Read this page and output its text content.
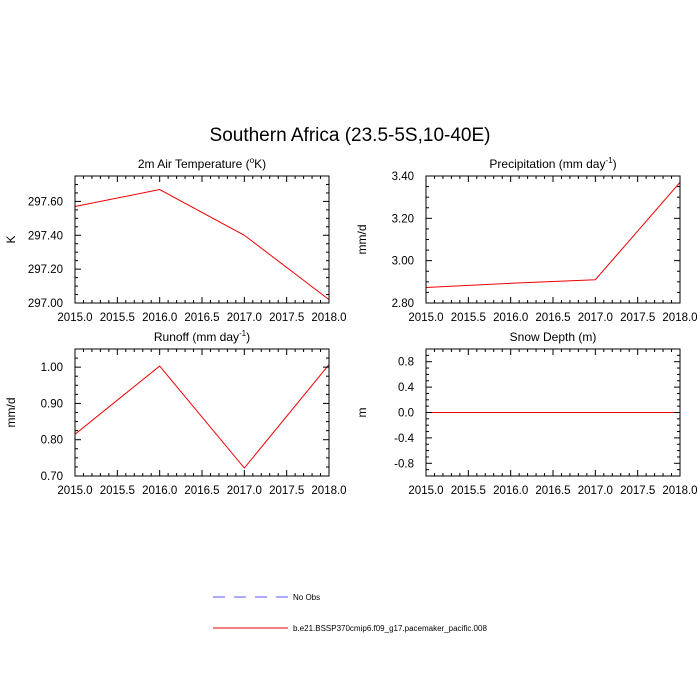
Southern Africa (23.5-5S,10-40E)
2m Air Temperature ($^o$K)
K
2015.0 2015.5 2016.0 2016.5 2017.0 2017.5 2018.0
297.00
297.20
297.40
297.60
Precipitation (mm day$^{-1}$)
mm/d
2015.0 2015.5 2016.0 2016.5 2017.0 2017.5 2018.0
2.80
3.00
3.20
3.40
Runoff (mm day$^{-1}$)
mm/d
2015.0 2015.5 2016.0 2016.5 2017.0 2017.5 2018.0
0.70
0.80
0.90
1.00
Snow Depth (m)
m
2015.0 2015.5 2016.0 2016.5 2017.0 2017.5 2018.0
-0.8
-0.4
0.0
0.4
0.8
No Obs
b.e21.BSSP370cmip6.f09_g17.pacemaker_pacific.008
